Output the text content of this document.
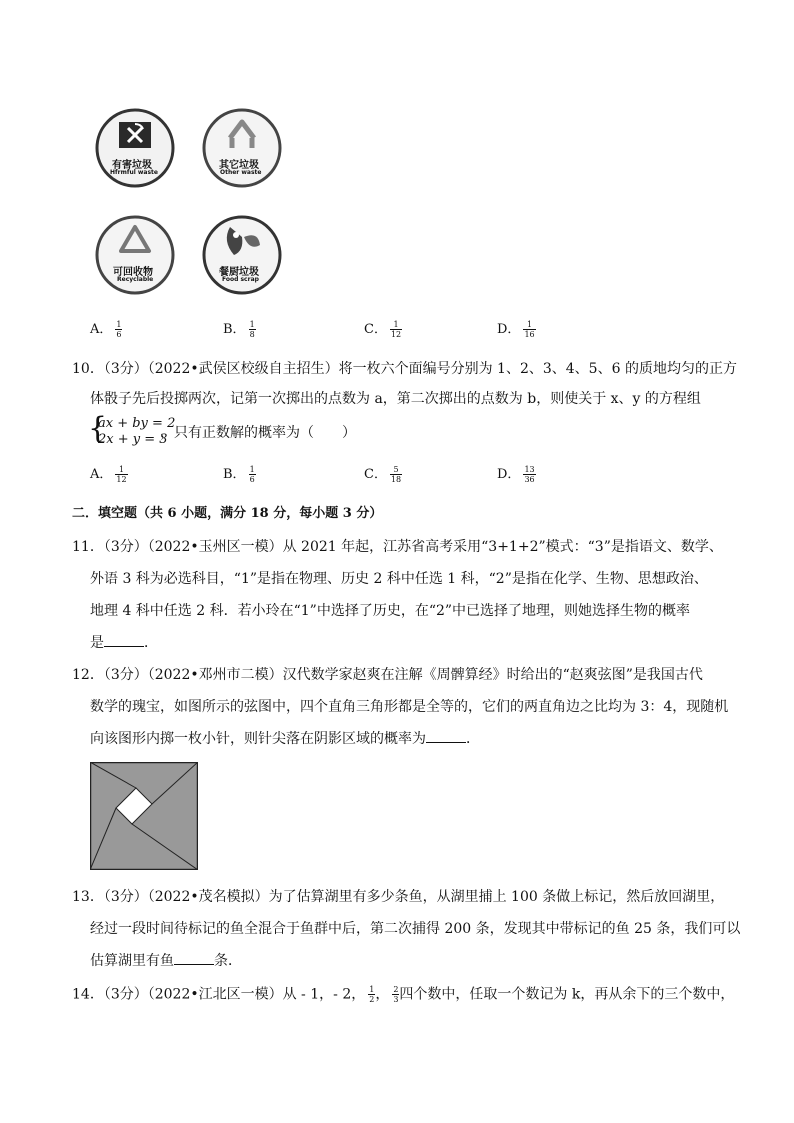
有害垃圾
Hfrmful waste
其它垃圾
Other waste
可回收物
Recyclable
餐厨垃圾
Food scrap
A． $\frac{1}{6}$	B． $\frac{1}{8}$	C． $\frac{1}{12}$	D． $\frac{1}{16}$
10．（3分）（2022•武侯区校级自主招生）将一枚六个面编号分别为 1、2、3、4、5、6 的质地均匀的正方
体骰子先后投掷两次，记第一次掷出的点数为 a，第二次掷出的点数为 b，则使关于 x、y 的方程组
{
ax + by = 2
2x + y = 3
，只有正数解的概率为（　　）
A． $\frac{1}{12}$	B． $\frac{1}{6}$	C． $\frac{5}{18}$	D． $\frac{13}{36}$
二．填空题（共 6 小题，满分 18 分，每小题 3 分）
11．（3分）（2022•玉州区一模）从 2021 年起，江苏省高考采用“3+1+2”模式：“3”是指语文、数学、
外语 3 科为必选科目，“1”是指在物理、历史 2 科中任选 1 科，“2”是指在化学、生物、思想政治、
地理 4 科中任选 2 科．若小玲在“1”中选择了历史，在“2”中已选择了地理，则她选择生物的概率
是	．
12．（3分）（2022•邓州市二模）汉代数学家赵爽在注解《周髀算经》时给出的“赵爽弦图”是我国古代
数学的瑰宝，如图所示的弦图中，四个直角三角形都是全等的，它们的两直角边之比均为 3：4，现随机
向该图形内掷一枚小针，则针尖落在阴影区域的概率为	．
13．（3分）（2022•茂名模拟）为了估算湖里有多少条鱼，从湖里捕上 100 条做上标记，然后放回湖里，
经过一段时间待标记的鱼全混合于鱼群中后，第二次捕得 200 条，发现其中带标记的鱼 25 条，我们可以
估算湖里有鱼	条．
14．（3分）（2022•江北区一模）从 - 1，- 2， $\frac{1}{2}$ ， $\frac{2}{3}$ 四个数中，任取一个数记为 k，再从余下的三个数中，
